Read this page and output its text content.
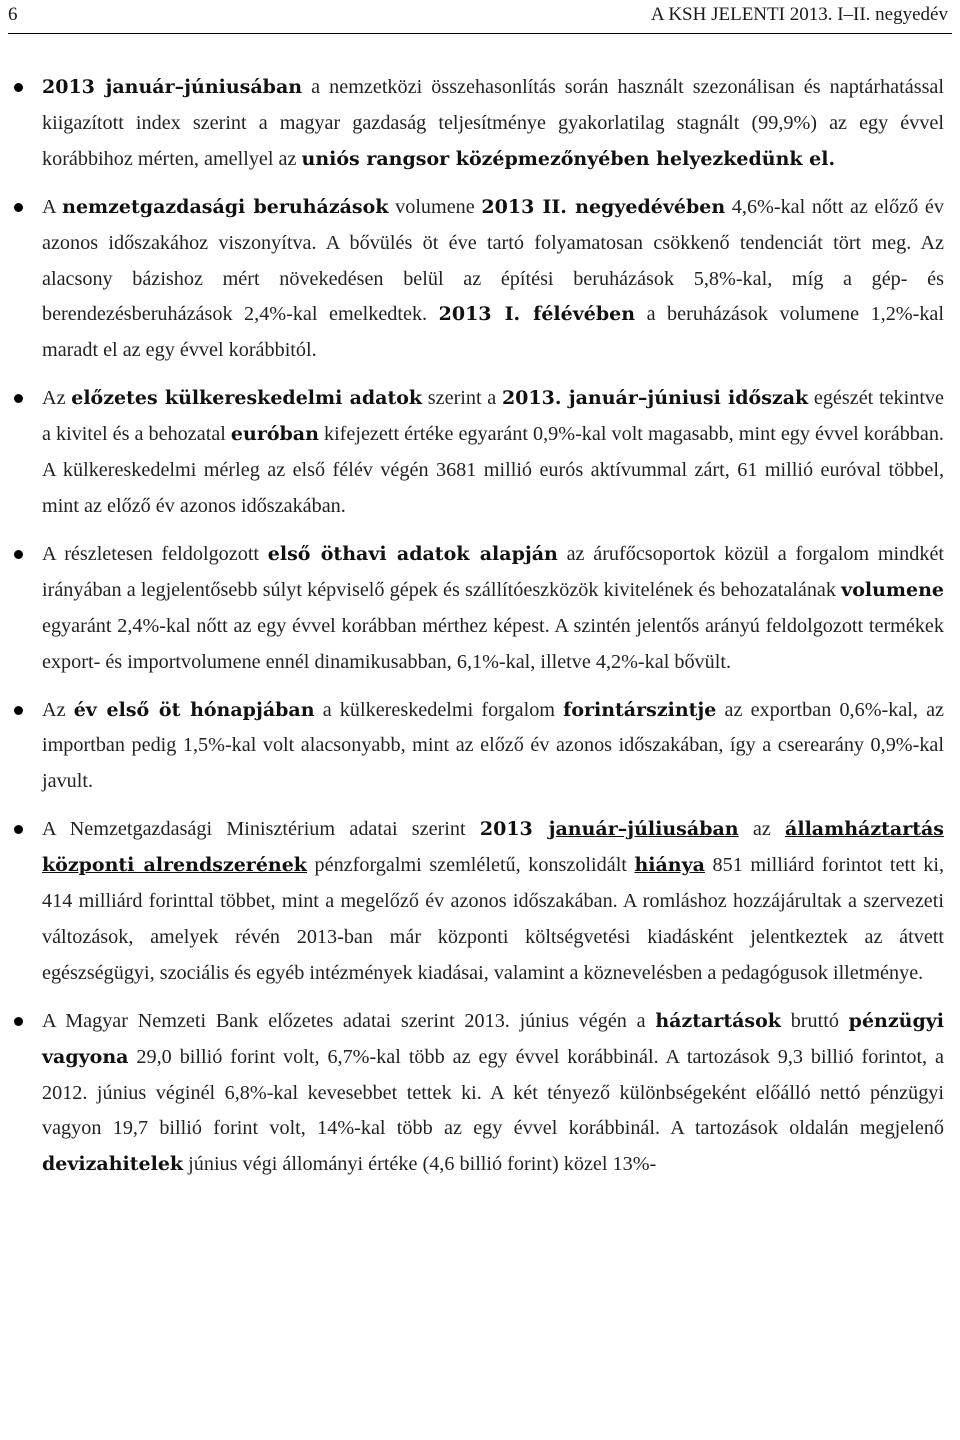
6	A KSH JELENTI 2013. I–II. negyedév
2013 január–júniusában a nemzetközi összehasonlítás során használt szezonálisan és naptárhatással kiigazított index szerint a magyar gazdaság teljesítménye gyakorlatilag stagnált (99,9%) az egy évvel korábbihoz mérten, amellyel az uniós rangsor középmezőnyében helyezkedünk el.
A nemzetgazdasági beruházások volumene 2013 II. negyedévében 4,6%-kal nőtt az előző év azonos időszakához viszonyítva. A bővülés öt éve tartó folyamatosan csökkenő tendenciát tört meg. Az alacsony bázishoz mért növekedésen belül az építési beruházások 5,8%-kal, míg a gép- és berendezésberuházások 2,4%-kal emelkedtek. 2013 I. félévében a beruházások volumene 1,2%-kal maradt el az egy évvel korábbitól.
Az előzetes külkereskedelmi adatok szerint a 2013. január–júniusi időszak egészét tekintve a kivitel és a behozatal euróban kifejezett értéke egyaránt 0,9%-kal volt magasabb, mint egy évvel korábban. A külkereskedelmi mérleg az első félév végén 3681 millió eurós aktívummal zárt, 61 millió euróval többel, mint az előző év azonos időszakában.
A részletesen feldolgozott első öthavi adatok alapján az árufőcsoportok közül a forgalom mindkét irányában a legjelentősebb súlyt képviselő gépek és szállítóeszközök kivitelének és behozatalának volumene egyaránt 2,4%-kal nőtt az egy évvel korábban mérthez képest. A szintén jelentős arányú feldolgozott termékek export- és importvolumene ennél dinamikusabban, 6,1%-kal, illetve 4,2%-kal bővült.
Az év első öt hónapjában a külkereskedelmi forgalom forintárszintje az exportban 0,6%-kal, az importban pedig 1,5%-kal volt alacsonyabb, mint az előző év azonos időszakában, így a cserearány 0,9%-kal javult.
A Nemzetgazdasági Minisztérium adatai szerint 2013 január–júliusában az államháztartás központi alrendszerének pénzforgalmi szemléletű, konszolidált hiánya 851 milliárd forintot tett ki, 414 milliárd forinttal többet, mint a megelőző év azonos időszakában. A romláshoz hozzájárultak a szervezeti változások, amelyek révén 2013-ban már központi költségvetési kiadásként jelentkeztek az átvett egészségügyi, szociális és egyéb intézmények kiadásai, valamint a köznevelésben a pedagógusok illetménye.
A Magyar Nemzeti Bank előzetes adatai szerint 2013. június végén a háztartások bruttó pénzügyi vagyona 29,0 billió forint volt, 6,7%-kal több az egy évvel korábbinál. A tartozások 9,3 billió forintot, a 2012. június véginél 6,8%-kal kevesebbet tettek ki. A két tényező különbségeként előálló nettó pénzügyi vagyon 19,7 billió forint volt, 14%-kal több az egy évvel korábbinál. A tartozások oldalán megjelenő devizahitelek június végi állományi értéke (4,6 billió forint) közel 13%-
